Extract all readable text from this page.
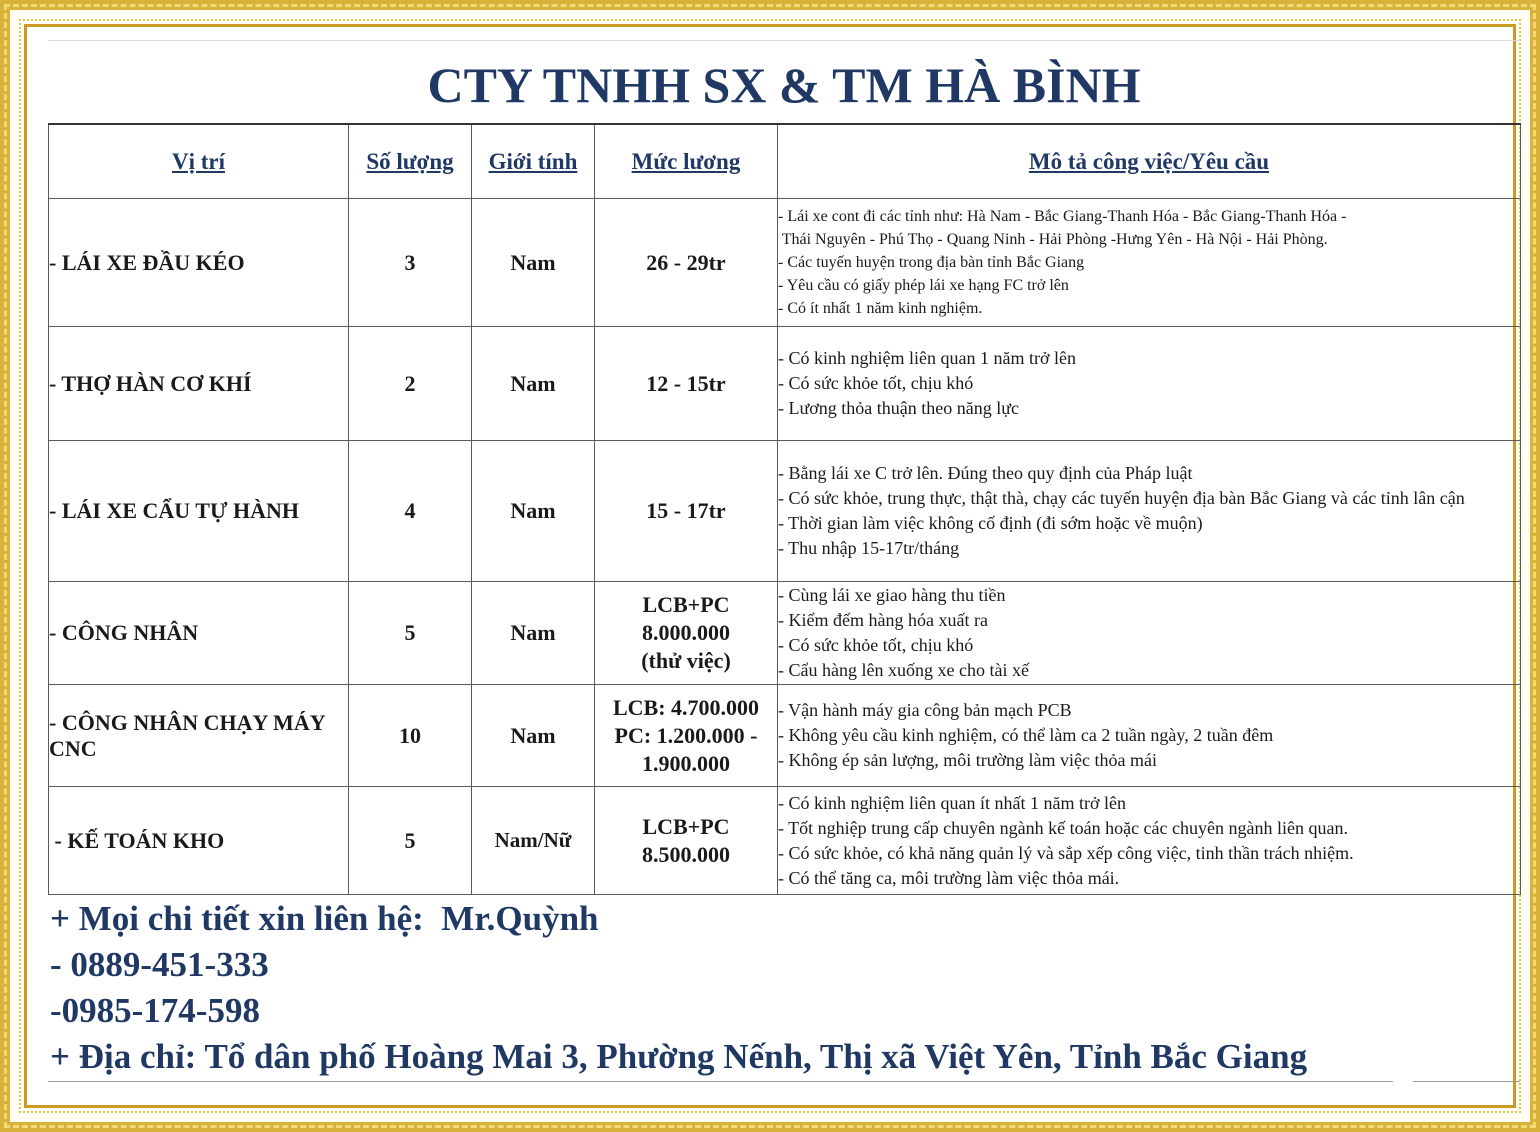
CTY TNHH SX & TM HÀ BÌNH
Vị trí	Số lượng	Giới tính	Mức lương	Mô tả công việc/Yêu cầu
- LÁI XE ĐẦU KÉO	3	Nam	26 - 29tr	- Lái xe cont đi các tỉnh như: Hà Nam - Bắc Giang-Thanh Hóa - Bắc Giang-Thanh Hóa -
Thái Nguyên - Phú Thọ - Quang Ninh - Hải Phòng -Hưng Yên - Hà Nội - Hải Phòng.
- Các tuyến huyện trong địa bàn tỉnh Bắc Giang
- Yêu cầu có giấy phép lái xe hạng FC trở lên
- Có ít nhất 1 năm kinh nghiệm.

- THỢ HÀN CƠ KHÍ	2	Nam	12 - 15tr	- Có kinh nghiệm liên quan 1 năm trở lên
- Có sức khỏe tốt, chịu khó
- Lương thỏa thuận theo năng lực

- LÁI XE CẨU TỰ HÀNH	4	Nam	15 - 17tr	- Bằng lái xe C trở lên. Đúng theo quy định của Pháp luật
- Có sức khỏe, trung thực, thật thà, chạy các tuyến huyện địa bàn Bắc Giang và các tỉnh lân cận
- Thời gian làm việc không cố định (đi sớm hoặc về muộn)
- Thu nhập 15-17tr/tháng

- CÔNG NHÂN	5	Nam	LCB+PC
8.000.000
(thử việc)	- Cùng lái xe giao hàng thu tiền
- Kiểm đếm hàng hóa xuất ra
- Có sức khỏe tốt, chịu khó
- Cẩu hàng lên xuống xe cho tài xế

- CÔNG NHÂN CHẠY MÁY CNC	10	Nam	LCB: 4.700.000
PC: 1.200.000 -
1.900.000	- Vận hành máy gia công bản mạch PCB
- Không yêu cầu kinh nghiệm, có thể làm ca 2 tuần ngày, 2 tuần đêm
- Không ép sản lượng, môi trường làm việc thỏa mái

- KẾ TOÁN KHO	5	Nam/Nữ	LCB+PC
8.500.000	- Có kinh nghiệm liên quan ít nhất 1 năm trở lên
- Tốt nghiệp trung cấp chuyên ngành kế toán hoặc các chuyên ngành liên quan.
- Có sức khỏe, có khả năng quản lý và sắp xếp công việc, tinh thần trách nhiệm.
- Có thể tăng ca, môi trường làm việc thỏa mái.
+ Mọi chi tiết xin liên hệ:  Mr.Quỳnh
- 0889-451-333
-0985-174-598
+ Địa chỉ: Tổ dân phố Hoàng Mai 3, Phường Nếnh, Thị xã Việt Yên, Tỉnh Bắc Giang
